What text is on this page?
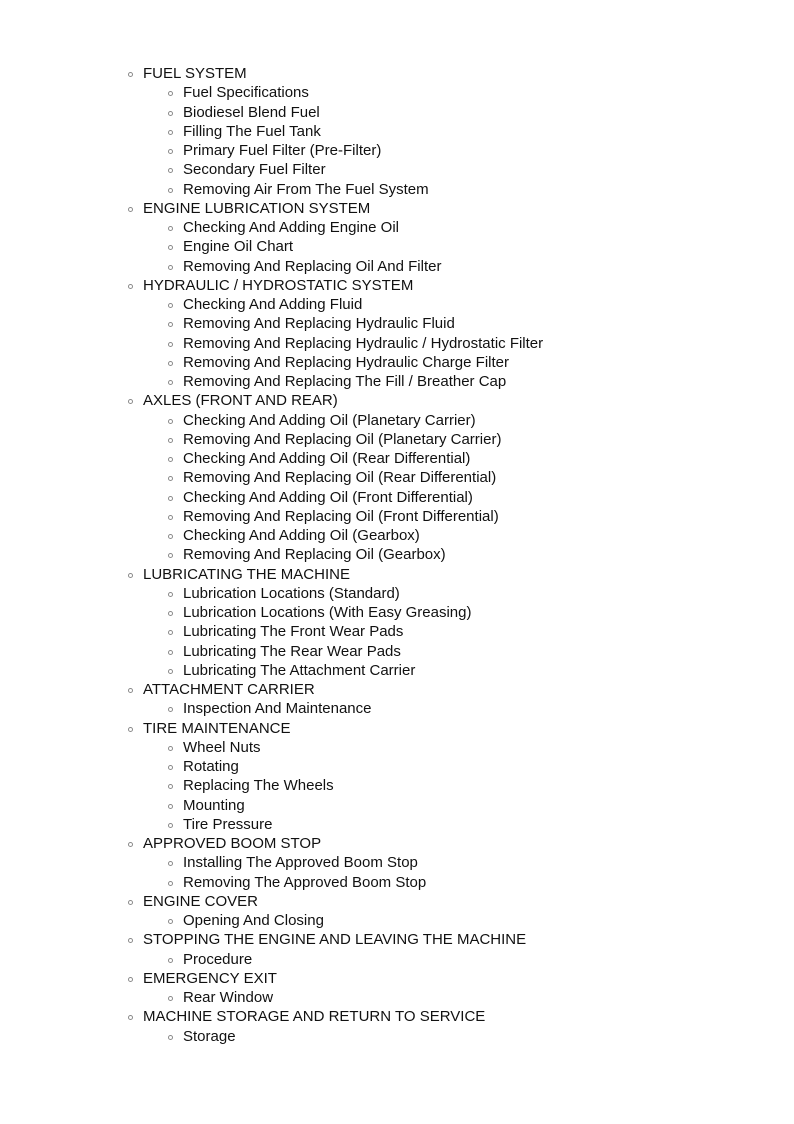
FUEL SYSTEM
Fuel Specifications
Biodiesel Blend Fuel
Filling The Fuel Tank
Primary Fuel Filter (Pre-Filter)
Secondary Fuel Filter
Removing Air From The Fuel System
ENGINE LUBRICATION SYSTEM
Checking And Adding Engine Oil
Engine Oil Chart
Removing And Replacing Oil And Filter
HYDRAULIC / HYDROSTATIC SYSTEM
Checking And Adding Fluid
Removing And Replacing Hydraulic Fluid
Removing And Replacing Hydraulic / Hydrostatic Filter
Removing And Replacing Hydraulic Charge Filter
Removing And Replacing The Fill / Breather Cap
AXLES (FRONT AND REAR)
Checking And Adding Oil (Planetary Carrier)
Removing And Replacing Oil (Planetary Carrier)
Checking And Adding Oil (Rear Differential)
Removing And Replacing Oil (Rear Differential)
Checking And Adding Oil (Front Differential)
Removing And Replacing Oil (Front Differential)
Checking And Adding Oil (Gearbox)
Removing And Replacing Oil (Gearbox)
LUBRICATING THE MACHINE
Lubrication Locations (Standard)
Lubrication Locations (With Easy Greasing)
Lubricating The Front Wear Pads
Lubricating The Rear Wear Pads
Lubricating The Attachment Carrier
ATTACHMENT CARRIER
Inspection And Maintenance
TIRE MAINTENANCE
Wheel Nuts
Rotating
Replacing The Wheels
Mounting
Tire Pressure
APPROVED BOOM STOP
Installing The Approved Boom Stop
Removing The Approved Boom Stop
ENGINE COVER
Opening And Closing
STOPPING THE ENGINE AND LEAVING THE MACHINE
Procedure
EMERGENCY EXIT
Rear Window
MACHINE STORAGE AND RETURN TO SERVICE
Storage
